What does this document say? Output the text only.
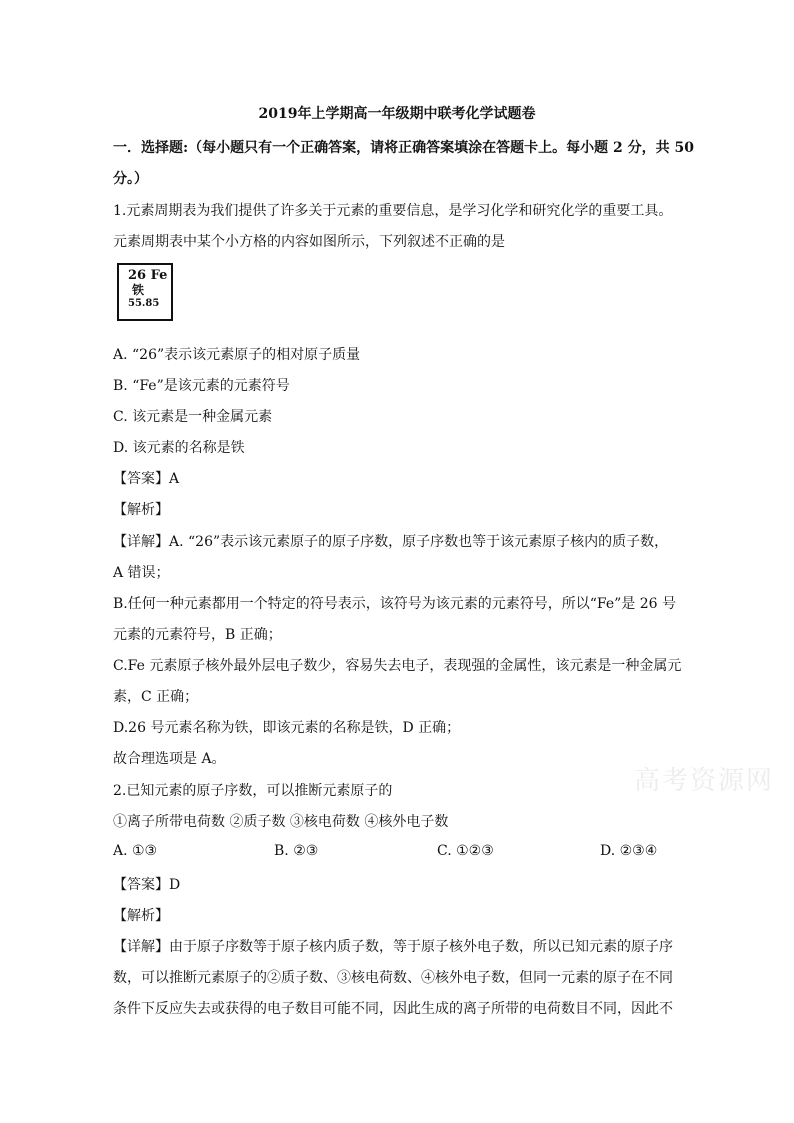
2019年上学期高一年级期中联考化学试题卷
一．选择题:（每小题只有一个正确答案，请将正确答案填涂在答题卡上。每小题 2 分，共 50
分。）
1.元素周期表为我们提供了许多关于元素的重要信息，是学习化学和研究化学的重要工具。
元素周期表中某个小方格的内容如图所示，下列叙述不正确的是
26 Fe
铁
55.85
A. “26”表示该元素原子的相对原子质量
B. “Fe”是该元素的元素符号
C. 该元素是一种金属元素
D. 该元素的名称是铁
【答案】A
【解析】
【详解】A. “26”表示该元素原子的原子序数，原子序数也等于该元素原子核内的质子数，
A 错误；
B.任何一种元素都用一个特定的符号表示，该符号为该元素的元素符号，所以“Fe”是 26 号
元素的元素符号，B 正确；
C.Fe 元素原子核外最外层电子数少，容易失去电子，表现强的金属性，该元素是一种金属元
素，C 正确；
D.26 号元素名称为铁，即该元素的名称是铁，D 正确；
故合理选项是 A。
高考资源网
2.已知元素的原子序数，可以推断元素原子的
①离子所带电荷数 ②质子数 ③核电荷数 ④核外电子数
A. ①③	B. ②③	C. ①②③	D. ②③④
【答案】D
【解析】
【详解】由于原子序数等于原子核内质子数，等于原子核外电子数，所以已知元素的原子序
数，可以推断元素原子的②质子数、③核电荷数、④核外电子数，但同一元素的原子在不同
条件下反应失去或获得的电子数目可能不同，因此生成的离子所带的电荷数目不同，因此不
